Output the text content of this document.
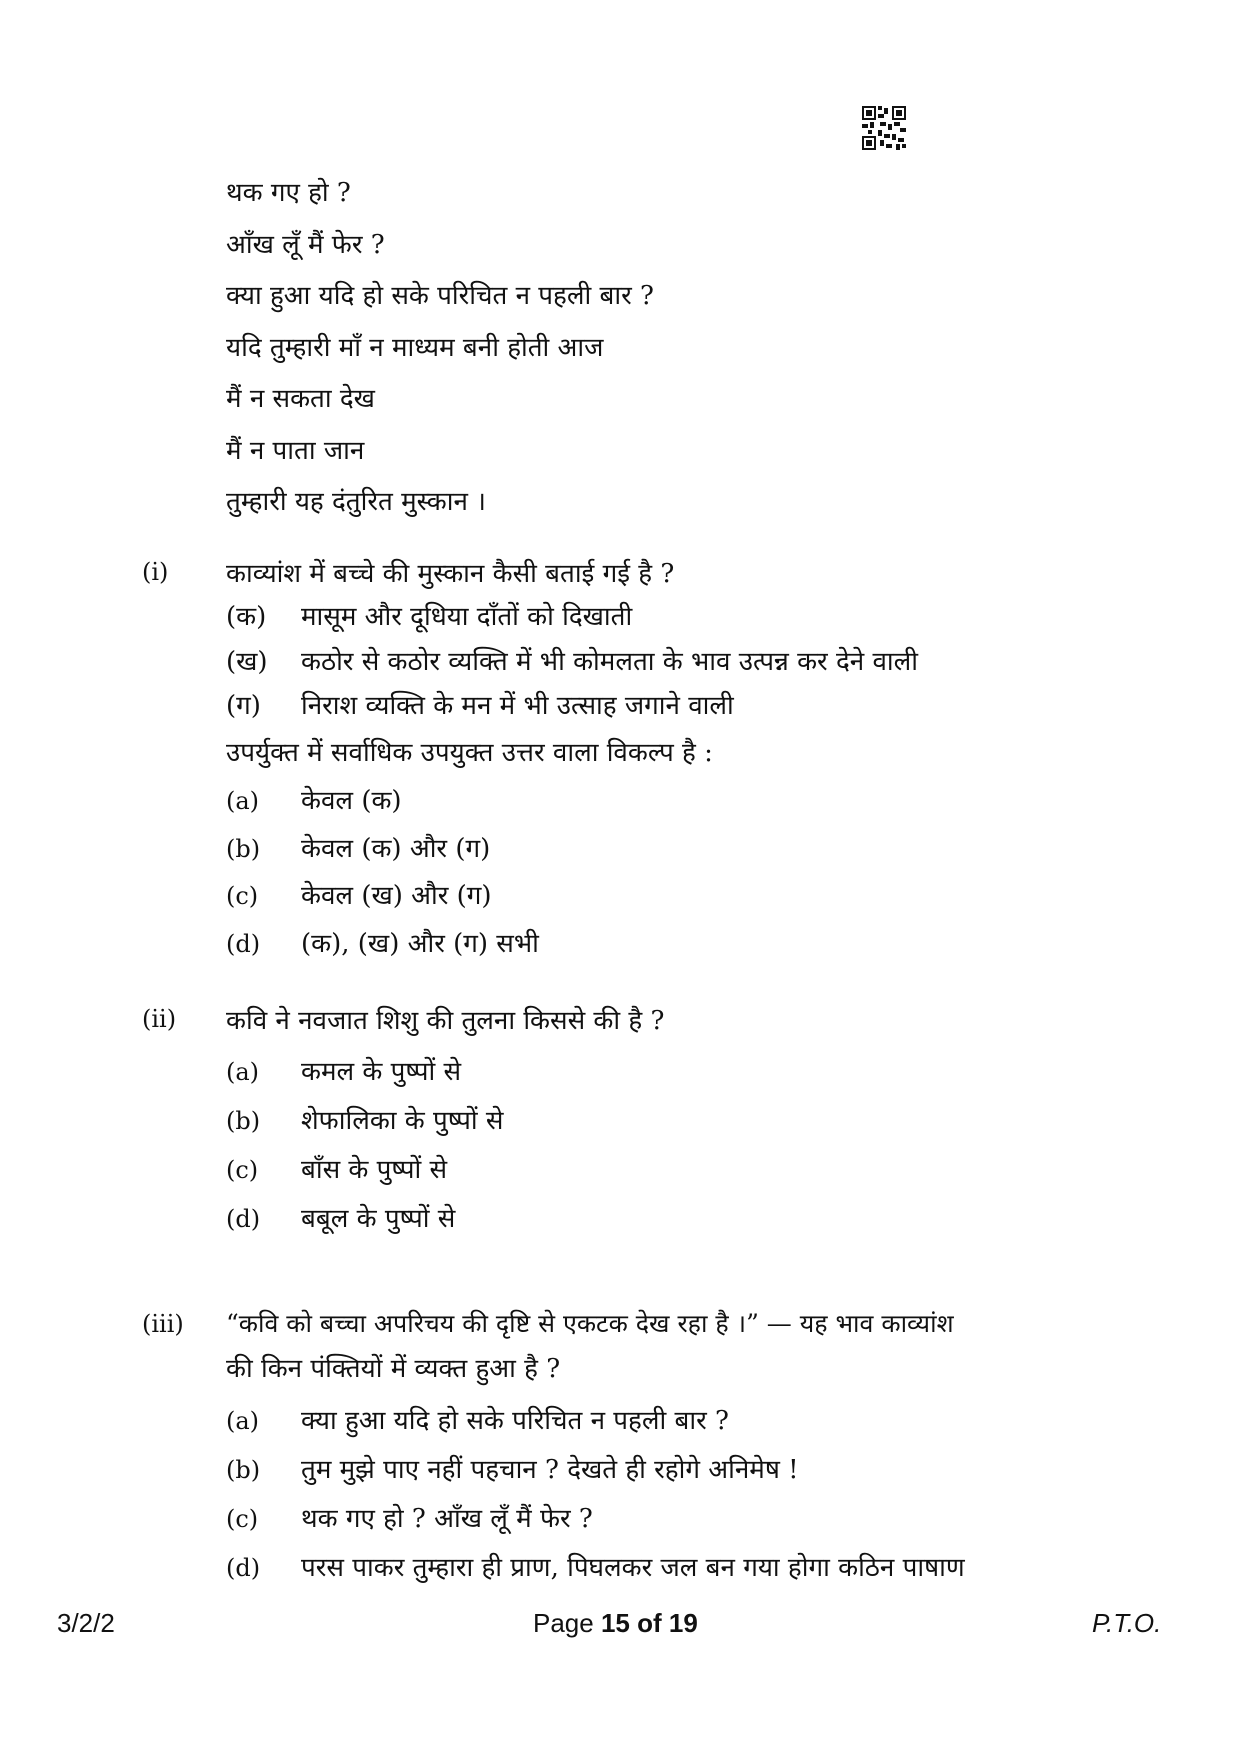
थक गए हो ?
आँख लूँ मैं फेर ?
क्या हुआ यदि हो सके परिचित न पहली बार ?
यदि तुम्हारी माँ न माध्यम बनी होती आज
मैं न सकता देख
मैं न पाता जान
तुम्हारी यह दंतुरित मुस्कान ।
(i) काव्यांश में बच्चे की मुस्कान कैसी बताई गई है ?
(क) मासूम और दूधिया दाँतों को दिखाती
(ख) कठोर से कठोर व्यक्ति में भी कोमलता के भाव उत्पन्न कर देने वाली
(ग) निराश व्यक्ति के मन में भी उत्साह जगाने वाली
उपर्युक्त में सर्वाधिक उपयुक्त उत्तर वाला विकल्प है :
(a) केवल (क)
(b) केवल (क) और (ग)
(c) केवल (ख) और (ग)
(d) (क), (ख) और (ग) सभी
(ii) कवि ने नवजात शिशु की तुलना किससे की है ?
(a) कमल के पुष्पों से
(b) शेफालिका के पुष्पों से
(c) बाँस के पुष्पों से
(d) बबूल के पुष्पों से
(iii) “कवि को बच्चा अपरिचय की दृष्टि से एकटक देख रहा है ।” — यह भाव काव्यांश
की किन पंक्तियों में व्यक्त हुआ है ?
(a) क्या हुआ यदि हो सके परिचित न पहली बार ?
(b) तुम मुझे पाए नहीं पहचान ? देखते ही रहोगे अनिमेष !
(c) थक गए हो ? आँख लूँ मैं फेर ?
(d) परस पाकर तुम्हारा ही प्राण, पिघलकर जल बन गया होगा कठिन पाषाण
3/2/2	Page 15 of 19	P.T.O.
